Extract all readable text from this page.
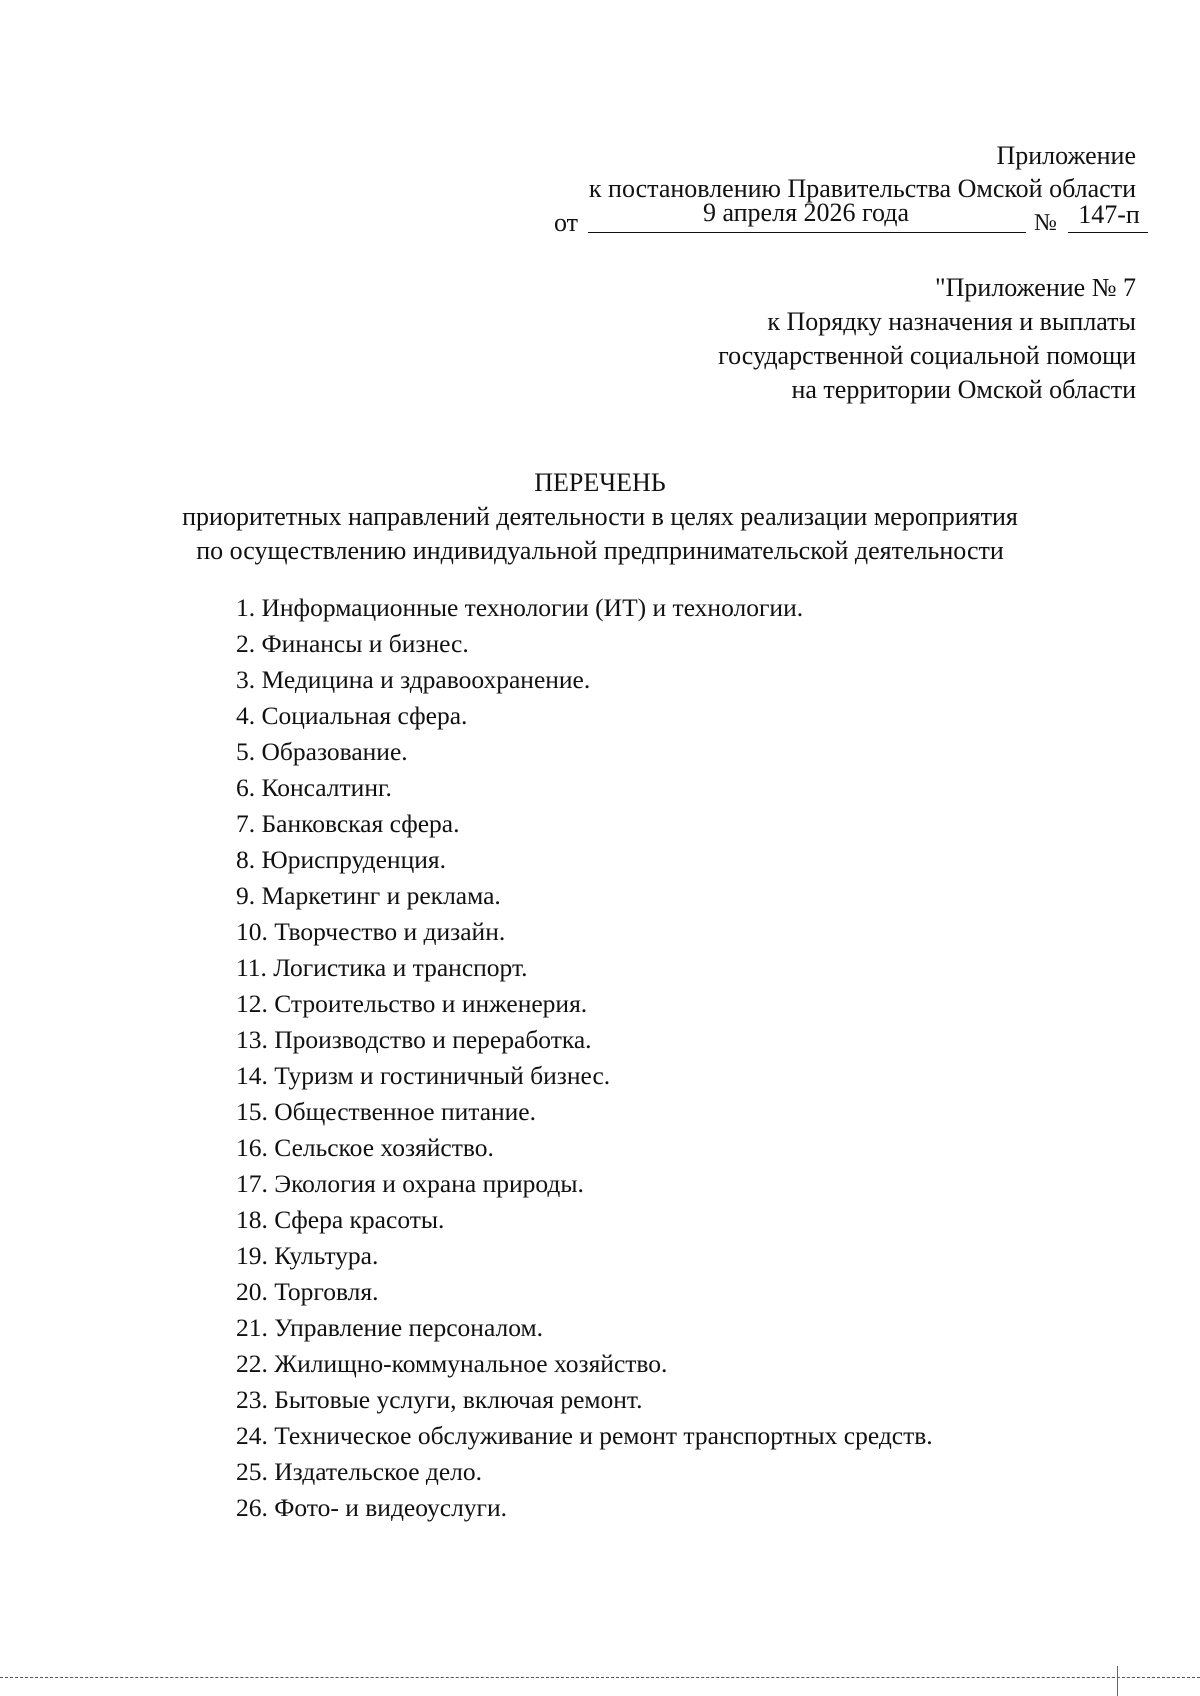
Приложение
к постановлению Правительства Омской области
от	9 апреля 2026 года	№ 147-п
"Приложение № 7
к Порядку назначения и выплаты
государственной социальной помощи
на территории Омской области
ПЕРЕЧЕНЬ
приоритетных направлений деятельности в целях реализации мероприятия
по осуществлению индивидуальной предпринимательской деятельности
1. Информационные технологии (ИТ) и технологии.
2. Финансы и бизнес.
3. Медицина и здравоохранение.
4. Социальная сфера.
5. Образование.
6. Консалтинг.
7. Банковская сфера.
8. Юриспруденция.
9. Маркетинг и реклама.
10. Творчество и дизайн.
11. Логистика и транспорт.
12. Строительство и инженерия.
13. Производство и переработка.
14. Туризм и гостиничный бизнес.
15. Общественное питание.
16. Сельское хозяйство.
17. Экология и охрана природы.
18. Сфера красоты.
19. Культура.
20. Торговля.
21. Управление персоналом.
22. Жилищно-коммунальное хозяйство.
23. Бытовые услуги, включая ремонт.
24. Техническое обслуживание и ремонт транспортных средств.
25. Издательское дело.
26. Фото- и видеоуслуги.
